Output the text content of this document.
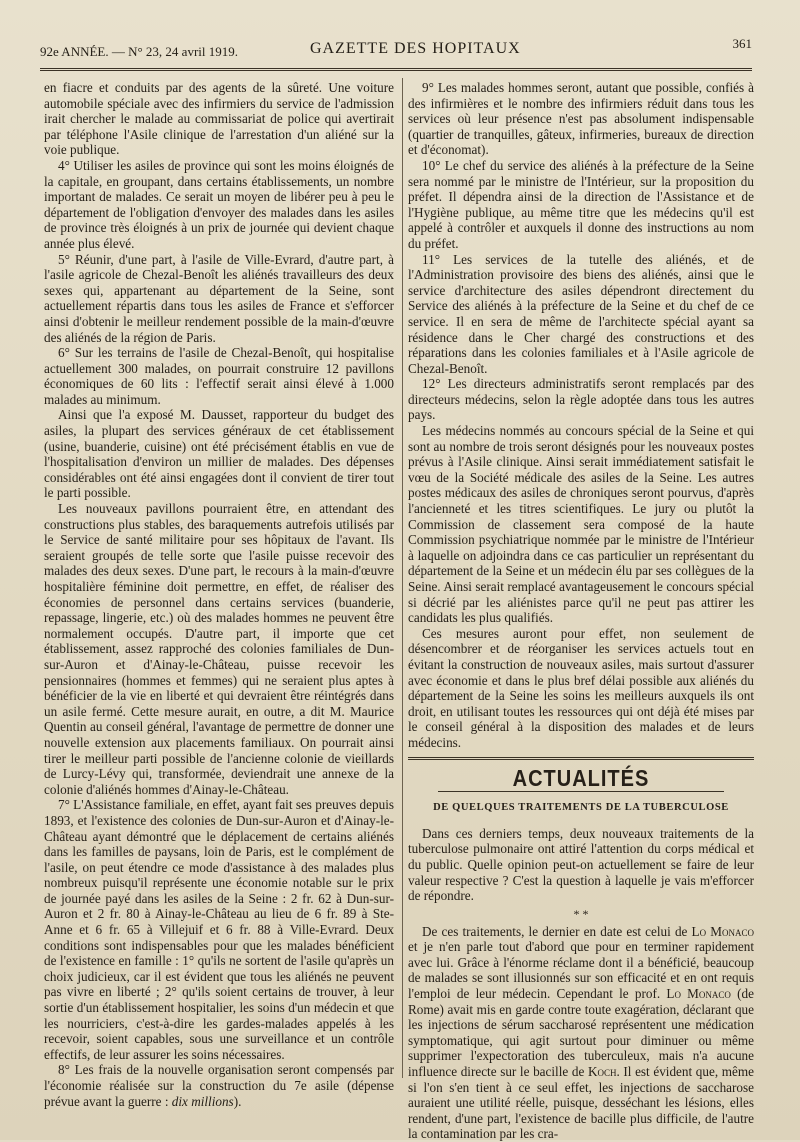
92e ANNÉE. — N° 23, 24 avril 1919.	GAZETTE DES HOPITAUX	361

en fiacre et conduits par des agents de la sûreté. Une voiture automobile spéciale avec des infirmiers du service de l'admission irait chercher le malade au commissariat de police qui avertirait par téléphone l'Asile clinique de l'arrestation d'un aliéné sur la voie publique.

4° Utiliser les asiles de province qui sont les moins éloignés de la capitale, en groupant, dans certains établissements, un nombre important de malades. Ce serait un moyen de libérer peu à peu le département de l'obligation d'envoyer des malades dans les asiles de province très éloignés à un prix de journée qui devient chaque année plus élevé.

5° Réunir, d'une part, à l'asile de Ville-Evrard, d'autre part, à l'asile agricole de Chezal-Benoît les aliénés travailleurs des deux sexes qui, appartenant au département de la Seine, sont actuellement répartis dans tous les asiles de France et s'efforcer ainsi d'obtenir le meilleur rendement possible de la main-d'œuvre des aliénés de la région de Paris.

6° Sur les terrains de l'asile de Chezal-Benoît, qui hospitalise actuellement 300 malades, on pourrait construire 12 pavillons économiques de 60 lits : l'effectif serait ainsi élevé à 1.000 malades au minimum.

Ainsi que l'a exposé M. Dausset, rapporteur du budget des asiles, la plupart des services généraux de cet établissement (usine, buanderie, cuisine) ont été précisément établis en vue de l'hospitalisation d'environ un millier de malades. Des dépenses considérables ont été ainsi engagées dont il convient de tirer tout le parti possible.

Les nouveaux pavillons pourraient être, en attendant des constructions plus stables, des baraquements autrefois utilisés par le Service de santé militaire pour ses hôpitaux de l'avant. Ils seraient groupés de telle sorte que l'asile puisse recevoir des malades des deux sexes. D'une part, le recours à la main-d'œuvre hospitalière féminine doit permettre, en effet, de réaliser des économies de personnel dans certains services (buanderie, repassage, lingerie, etc.) où des malades hommes ne peuvent être normalement occupés. D'autre part, il importe que cet établissement, assez rapproché des colonies familiales de Dun-sur-Auron et d'Ainay-le-Château, puisse recevoir les pensionnaires (hommes et femmes) qui ne seraient plus aptes à bénéficier de la vie en liberté et qui devraient être réintégrés dans un asile fermé. Cette mesure aurait, en outre, a dit M. Maurice Quentin au conseil général, l'avantage de permettre de donner une nouvelle extension aux placements familiaux. On pourrait ainsi tirer le meilleur parti possible de l'ancienne colonie de vieillards de Lurcy-Lévy qui, transformée, deviendrait une annexe de la colonie d'aliénés hommes d'Ainay-le-Château.

7° L'Assistance familiale, en effet, ayant fait ses preuves depuis 1893, et l'existence des colonies de Dun-sur-Auron et d'Ainay-le-Château ayant démontré que le déplacement de certains aliénés dans les familles de paysans, loin de Paris, est le complément de l'asile, on peut étendre ce mode d'assistance à des malades plus nombreux puisqu'il représente une économie notable sur le prix de journée payé dans les asiles de la Seine : 2 fr. 62 à Dun-sur-Auron et 2 fr. 80 à Ainay-le-Château au lieu de 6 fr. 89 à Ste-Anne et 6 fr. 65 à Villejuif et 6 fr. 88 à Ville-Evrard. Deux conditions sont indispensables pour que les malades bénéficient de l'existence en famille : 1° qu'ils ne sortent de l'asile qu'après un choix judicieux, car il est évident que tous les aliénés ne peuvent pas vivre en liberté ; 2° qu'ils soient certains de trouver, à leur sortie d'un établissement hospitalier, les soins d'un médecin et que les nourriciers, c'est-à-dire les gardes-malades appelés à les recevoir, soient capables, sous une surveillance et un contrôle effectifs, de leur assurer les soins nécessaires.

8° Les frais de la nouvelle organisation seront compensés par l'économie réalisée sur la construction du 7e asile (dépense prévue avant la guerre : dix millions).

9° Les malades hommes seront, autant que possible, confiés à des infirmières et le nombre des infirmiers réduit dans tous les services où leur présence n'est pas absolument indispensable (quartier de tranquilles, gâteux, infirmeries, bureaux de direction et d'économat).

10° Le chef du service des aliénés à la préfecture de la Seine sera nommé par le ministre de l'Intérieur, sur la proposition du préfet. Il dépendra ainsi de la direction de l'Assistance et de l'Hygiène publique, au même titre que les médecins qu'il est appelé à contrôler et auxquels il donne des instructions au nom du préfet.

11° Les services de la tutelle des aliénés, et de l'Administration provisoire des biens des aliénés, ainsi que le service d'architecture des asiles dépendront directement du Service des aliénés à la préfecture de la Seine et du chef de ce service. Il en sera de même de l'architecte spécial ayant sa résidence dans le Cher chargé des constructions et des réparations dans les colonies familiales et à l'Asile agricole de Chezal-Benoît.

12° Les directeurs administratifs seront remplacés par des directeurs médecins, selon la règle adoptée dans tous les autres pays.

Les médecins nommés au concours spécial de la Seine et qui sont au nombre de trois seront désignés pour les nouveaux postes prévus à l'Asile clinique. Ainsi serait immédiatement satisfait le vœu de la Société médicale des asiles de la Seine. Les autres postes médicaux des asiles de chroniques seront pourvus, d'après l'ancienneté et les titres scientifiques. Le jury ou plutôt la Commission de classement sera composé de la haute Commission psychiatrique nommée par le ministre de l'Intérieur à laquelle on adjoindra dans ce cas particulier un représentant du département de la Seine et un médecin élu par ses collègues de la Seine. Ainsi serait remplacé avantageusement le concours spécial si décrié par les aliénistes parce qu'il ne peut pas attirer les candidats les plus qualifiés.

Ces mesures auront pour effet, non seulement de désencombrer et de réorganiser les services actuels tout en évitant la construction de nouveaux asiles, mais surtout d'assurer avec économie et dans le plus bref délai possible aux aliénés du département de la Seine les soins les meilleurs auxquels ils ont droit, en utilisant toutes les ressources qui ont déjà été mises par le conseil général à la disposition des malades et de leurs médecins.

ACTUALITÉS
DE QUELQUES TRAITEMENTS DE LA TUBERCULOSE

Dans ces derniers temps, deux nouveaux traitements de la tuberculose pulmonaire ont attiré l'attention du corps médical et du public. Quelle opinion peut-on actuellement se faire de leur valeur respective ? C'est la question à laquelle je vais m'efforcer de répondre.

* *

De ces traitements, le dernier en date est celui de Lo Monaco et je n'en parle tout d'abord que pour en terminer rapidement avec lui. Grâce à l'énorme réclame dont il a bénéficié, beaucoup de malades se sont illusionnés sur son efficacité et en ont requis l'emploi de leur médecin. Cependant le prof. Lo Monaco (de Rome) avait mis en garde contre toute exagération, déclarant que les injections de sérum saccharosé représentent une médication symptomatique, qui agit surtout pour diminuer ou même supprimer l'expectoration des tuberculeux, mais n'a aucune influence directe sur le bacille de Koch. Il est évident que, même si l'on s'en tient à ce seul effet, les injections de saccharose auraient une utilité réelle, puisque, desséchant les lésions, elles rendent, d'une part, l'existence de bacille plus difficile, de l'autre la contamination par les cra-
